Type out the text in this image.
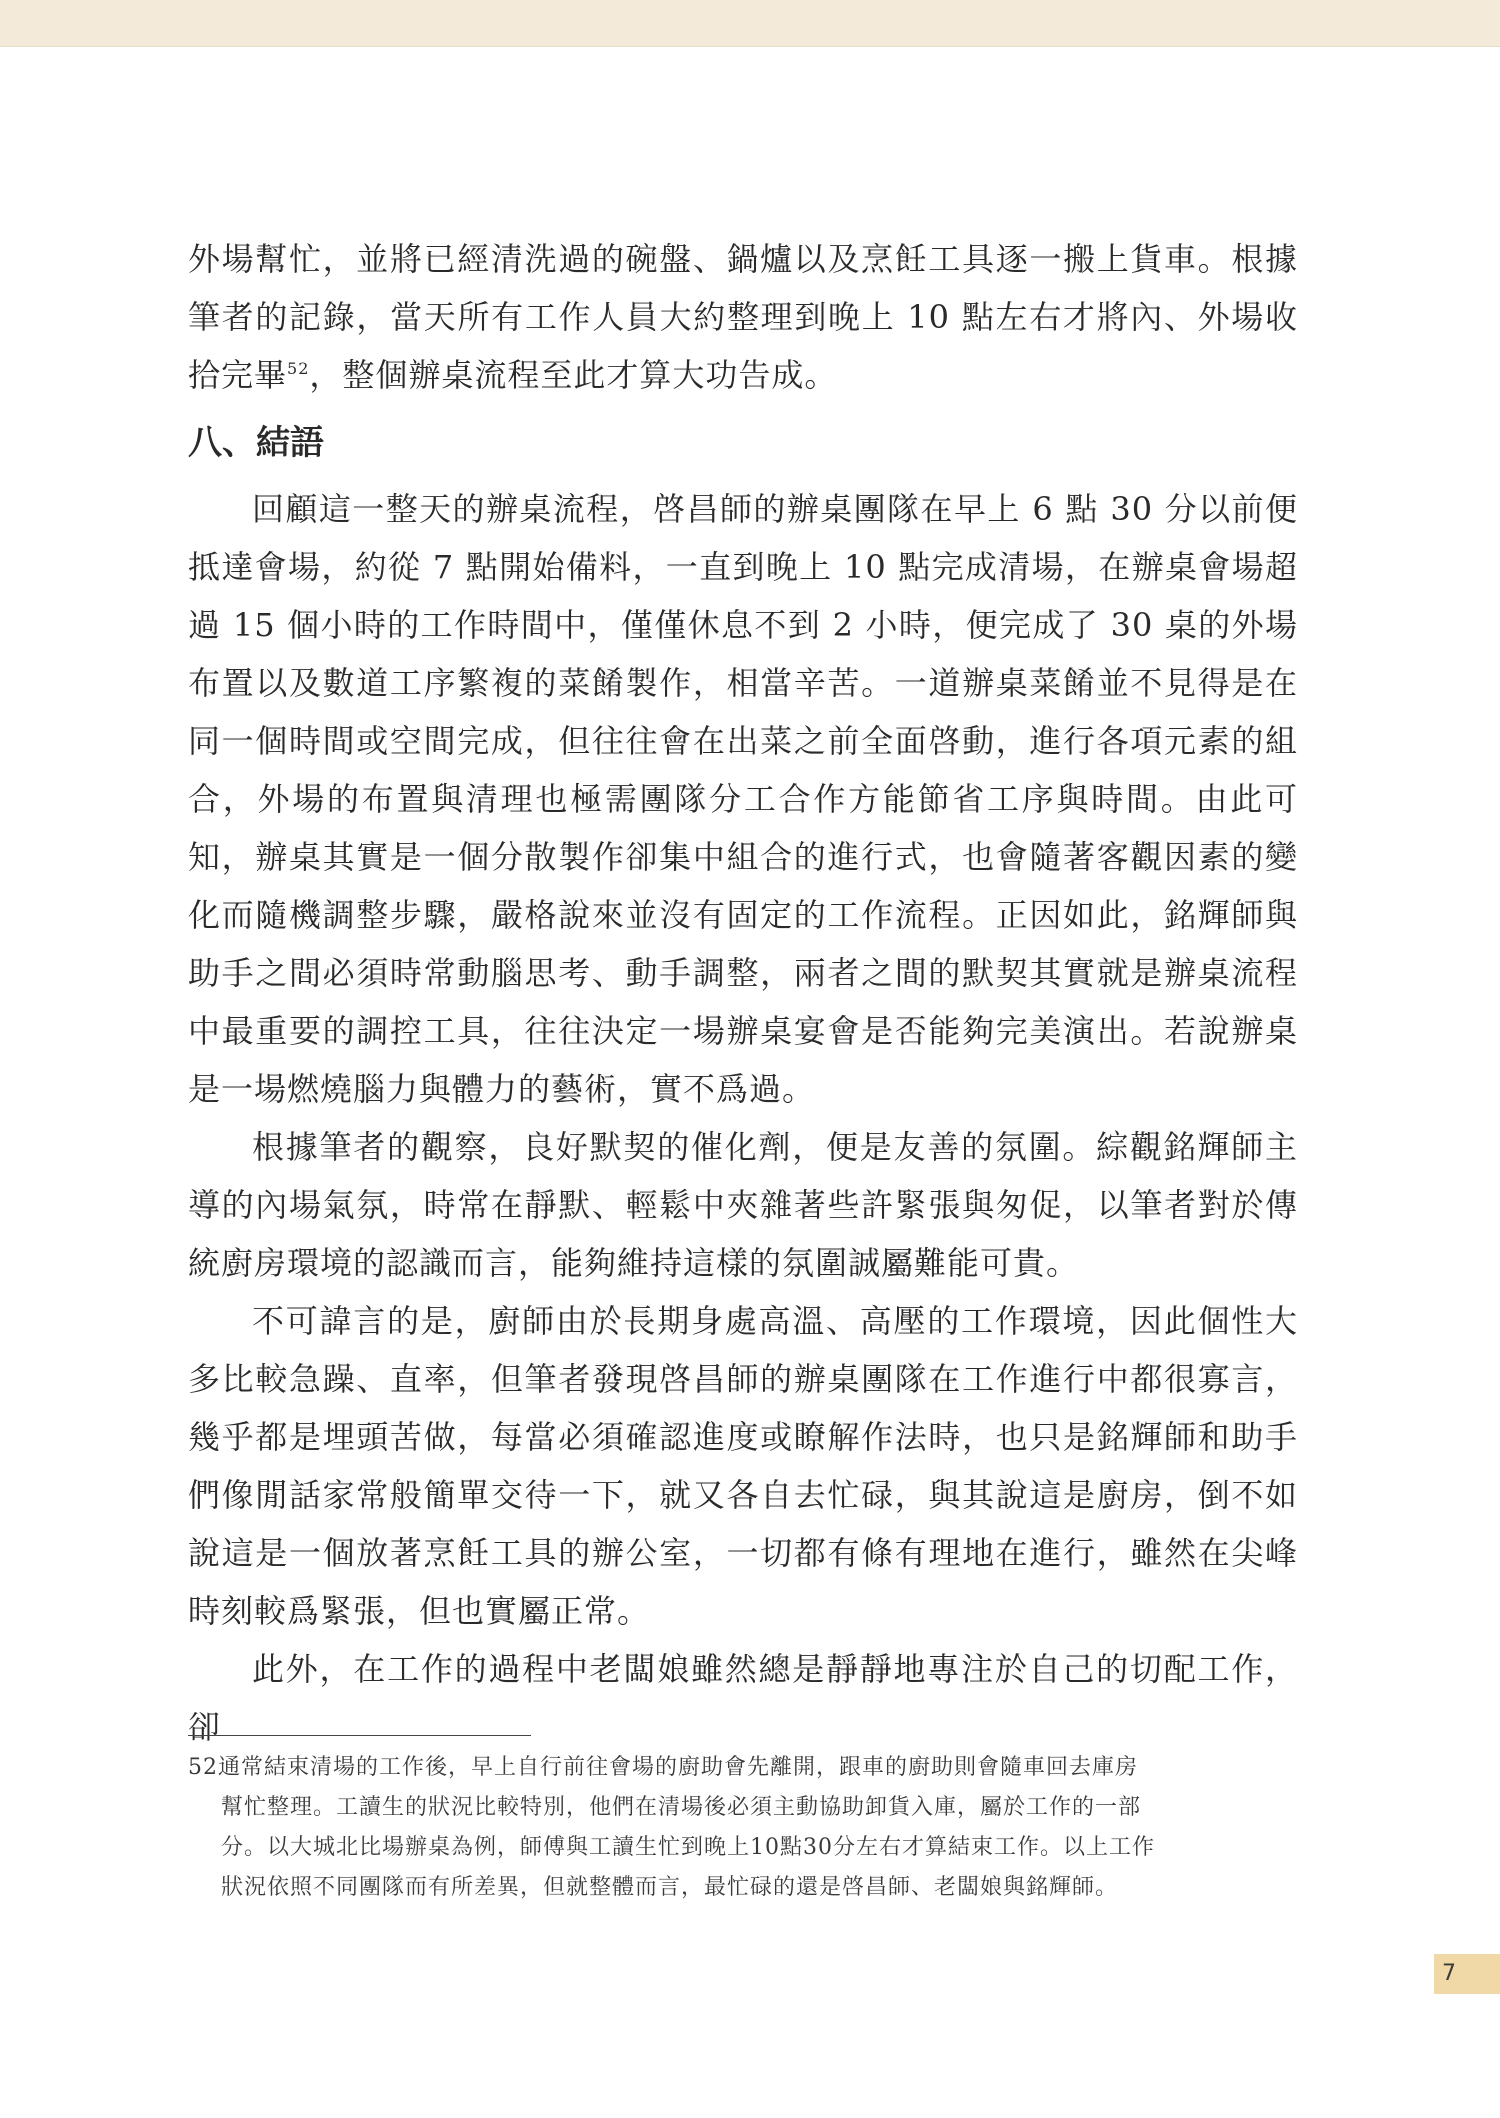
外場幫忙，並將已經清洗過的碗盤、鍋爐以及烹飪工具逐一搬上貨車。根據筆者的記錄，當天所有工作人員大約整理到晚上 10 點左右才將內、外場收拾完畢$^{52}$，整個辦桌流程至此才算大功告成。

八、結語

回顧這一整天的辦桌流程，啓昌師的辦桌團隊在早上 6 點 30 分以前便抵達會場，約從 7 點開始備料，一直到晚上 10 點完成清場，在辦桌會場超過 15 個小時的工作時間中，僅僅休息不到 2 小時，便完成了 30 桌的外場布置以及數道工序繁複的菜餚製作，相當辛苦。一道辦桌菜餚並不見得是在同一個時間或空間完成，但往往會在出菜之前全面啓動，進行各項元素的組合，外場的布置與清理也極需團隊分工合作方能節省工序與時間。由此可知，辦桌其實是一個分散製作卻集中組合的進行式，也會隨著客觀因素的變化而隨機調整步驟，嚴格說來並沒有固定的工作流程。正因如此，銘輝師與助手之間必須時常動腦思考、動手調整，兩者之間的默契其實就是辦桌流程中最重要的調控工具，往往決定一場辦桌宴會是否能夠完美演出。若說辦桌是一場燃燒腦力與體力的藝術，實不爲過。

根據筆者的觀察，良好默契的催化劑，便是友善的氛圍。綜觀銘輝師主導的內場氣氛，時常在靜默、輕鬆中夾雜著些許緊張與匆促，以筆者對於傳統廚房環境的認識而言，能夠維持這樣的氛圍誠屬難能可貴。

不可諱言的是，廚師由於長期身處高溫、高壓的工作環境，因此個性大多比較急躁、直率，但筆者發現啓昌師的辦桌團隊在工作進行中都很寡言，幾乎都是埋頭苦做，每當必須確認進度或瞭解作法時，也只是銘輝師和助手們像閒話家常般簡單交待一下，就又各自去忙碌，與其說這是廚房，倒不如說這是一個放著烹飪工具的辦公室，一切都有條有理地在進行，雖然在尖峰時刻較爲緊張，但也實屬正常。

此外，在工作的過程中老闆娘雖然總是靜靜地專注於自己的切配工作，卻

52通常結束清場的工作後，早上自行前往會場的廚助會先離開，跟車的廚助則會隨車回去庫房
幫忙整理。工讀生的狀況比較特別，他們在清場後必須主動協助卸貨入庫，屬於工作的一部
分。以大城北比場辦桌為例，師傅與工讀生忙到晚上10點30分左右才算結束工作。以上工作
狀況依照不同團隊而有所差異，但就整體而言，最忙碌的還是啓昌師、老闆娘與銘輝師。
7
